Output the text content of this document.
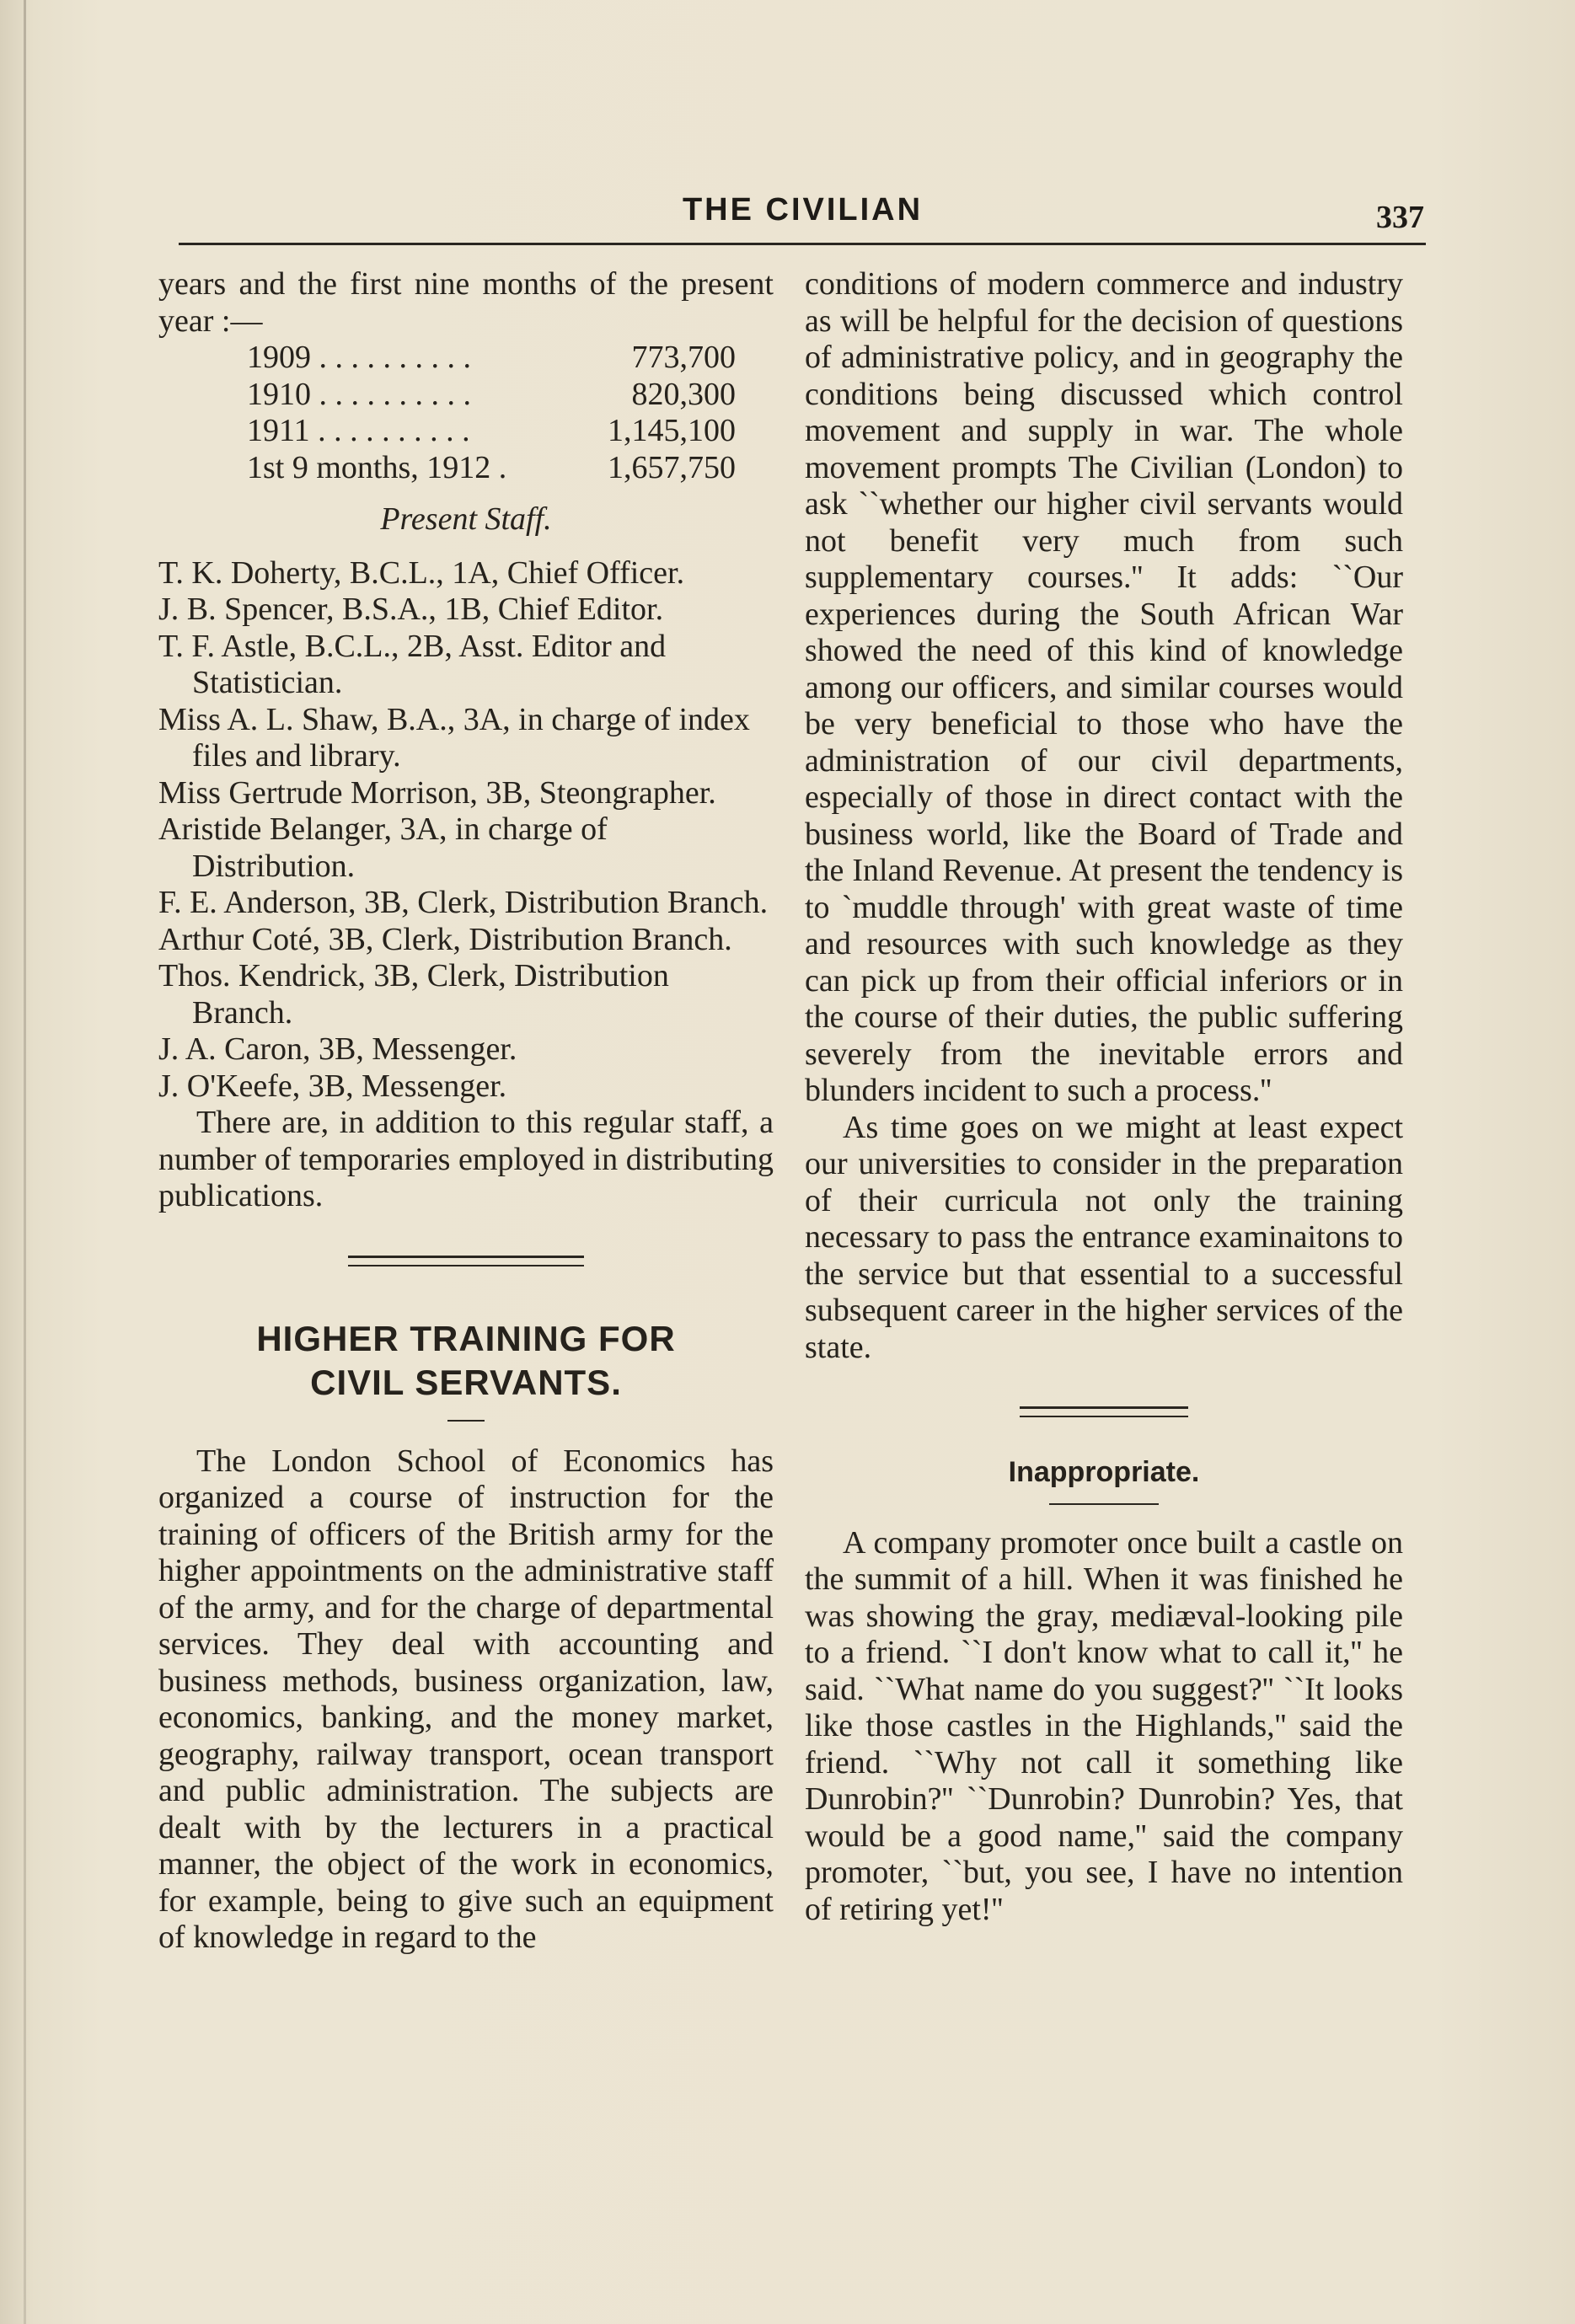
THE CIVILIAN	337

years and the first nine months of the present year :—

1909 . . . . . . . . . .	773,700
1910 . . . . . . . . . .	820,300
1911 . . . . . . . . . .	1,145,100
1st 9 months, 1912 .	1,657,750
Present Staff.
T. K. Doherty, B.C.L., 1A, Chief Officer.
J. B. Spencer, B.S.A., 1B, Chief Editor.
T. F. Astle, B.C.L., 2B, Asst. Editor and Statistician.
Miss A. L. Shaw, B.A., 3A, in charge of index files and library.
Miss Gertrude Morrison, 3B, Steongrapher.
Aristide Belanger, 3A, in charge of Distribution.
F. E. Anderson, 3B, Clerk, Distribution Branch.
Arthur Coté, 3B, Clerk, Distribution Branch.
Thos. Kendrick, 3B, Clerk, Distribution Branch.
J. A. Caron, 3B, Messenger.
J. O'Keefe, 3B, Messenger.

There are, in addition to this regular staff, a number of temporaries employed in distributing publications.

HIGHER TRAINING FOR
CIVIL SERVANTS.

The London School of Economics has organized a course of instruction for the training of officers of the British army for the higher appointments on the administrative staff of the army, and for the charge of departmental services. They deal with accounting and business methods, business organization, law, economics, banking, and the money market, geography, railway transport, ocean transport and public administration. The subjects are dealt with by the lecturers in a practical manner, the object of the work in economics, for example, being to give such an equipment of knowledge in regard to the

conditions of modern commerce and industry as will be helpful for the decision of questions of administrative policy, and in geography the conditions being discussed which control movement and supply in war. The whole movement prompts The Civilian (London) to ask ``whether our higher civil servants would not benefit very much from such supplementary courses.'' It adds: ``Our experiences during the South African War showed the need of this kind of knowledge among our officers, and similar courses would be very beneficial to those who have the administration of our civil departments, especially of those in direct contact with the business world, like the Board of Trade and the Inland Revenue. At present the tendency is to `muddle through' with great waste of time and resources with such knowledge as they can pick up from their official inferiors or in the course of their duties, the public suffering severely from the inevitable errors and blunders incident to such a process.''

As time goes on we might at least expect our universities to consider in the preparation of their curricula not only the training necessary to pass the entrance examinaitons to the service but that essential to a successful subsequent career in the higher services of the state.

Inappropriate.

A company promoter once built a castle on the summit of a hill. When it was finished he was showing the gray, mediæval-looking pile to a friend. ``I don't know what to call it,'' he said. ``What name do you suggest?'' ``It looks like those castles in the Highlands,'' said the friend. ``Why not call it something like Dunrobin?'' ``Dunrobin? Dunrobin? Yes, that would be a good name,'' said the company promoter, ``but, you see, I have no intention of retiring yet!''
